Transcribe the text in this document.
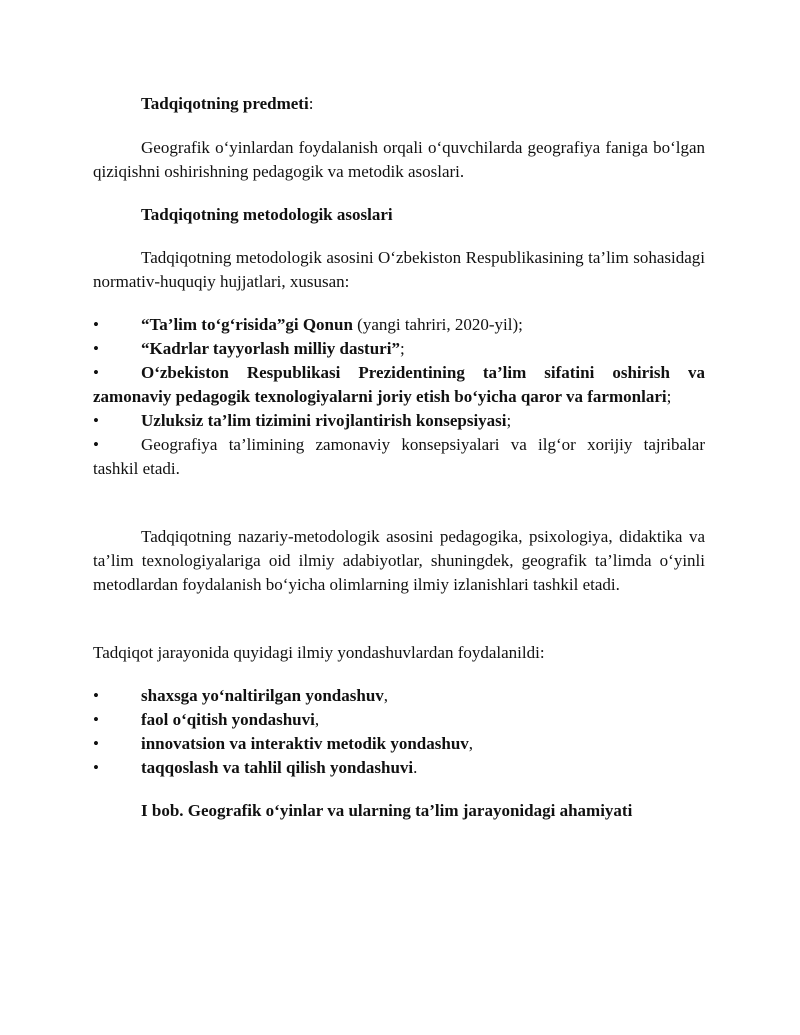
Tadqiqotning predmeti:
Geografik o‘yinlardan foydalanish orqali o‘quvchilarda geografiya faniga bo‘lgan qiziqishni oshirishning pedagogik va metodik asoslari.
Tadqiqotning metodologik asoslari
Tadqiqotning metodologik asosini O‘zbekiston Respublikasining ta’lim sohasidagi normativ-huquqiy hujjatlari, xususan:
•	“Ta’lim to‘g‘risida”gi Qonun (yangi tahriri, 2020-yil);
•	“Kadrlar tayyorlash milliy dasturi”;
• O‘zbekiston Respublikasi Prezidentining ta’lim sifatini oshirish va zamonaviy pedagogik texnologiyalarni joriy etish bo‘yicha qaror va farmonlari;
•	Uzluksiz ta’lim tizimini rivojlantirish konsepsiyasi;
• Geografiya ta’limining zamonaviy konsepsiyalari va ilg‘or xorijiy tajribalar tashkil etadi.
Tadqiqotning nazariy-metodologik asosini pedagogika, psixologiya, didaktika va ta’lim texnologiyalariga oid ilmiy adabiyotlar, shuningdek, geografik ta’limda o‘yinli metodlardan foydalanish bo‘yicha olimlarning ilmiy izlanishlari tashkil etadi.
Tadqiqot jarayonida quyidagi ilmiy yondashuvlardan foydalanildi:
•	shaxsga yo‘naltirilgan yondashuv,
•	faol o‘qitish yondashuvi,
•	innovatsion va interaktiv metodik yondashuv,
•	taqqoslash va tahlil qilish yondashuvi.
I bob. Geografik o‘yinlar va ularning ta’lim jarayonidagi ahamiyati
